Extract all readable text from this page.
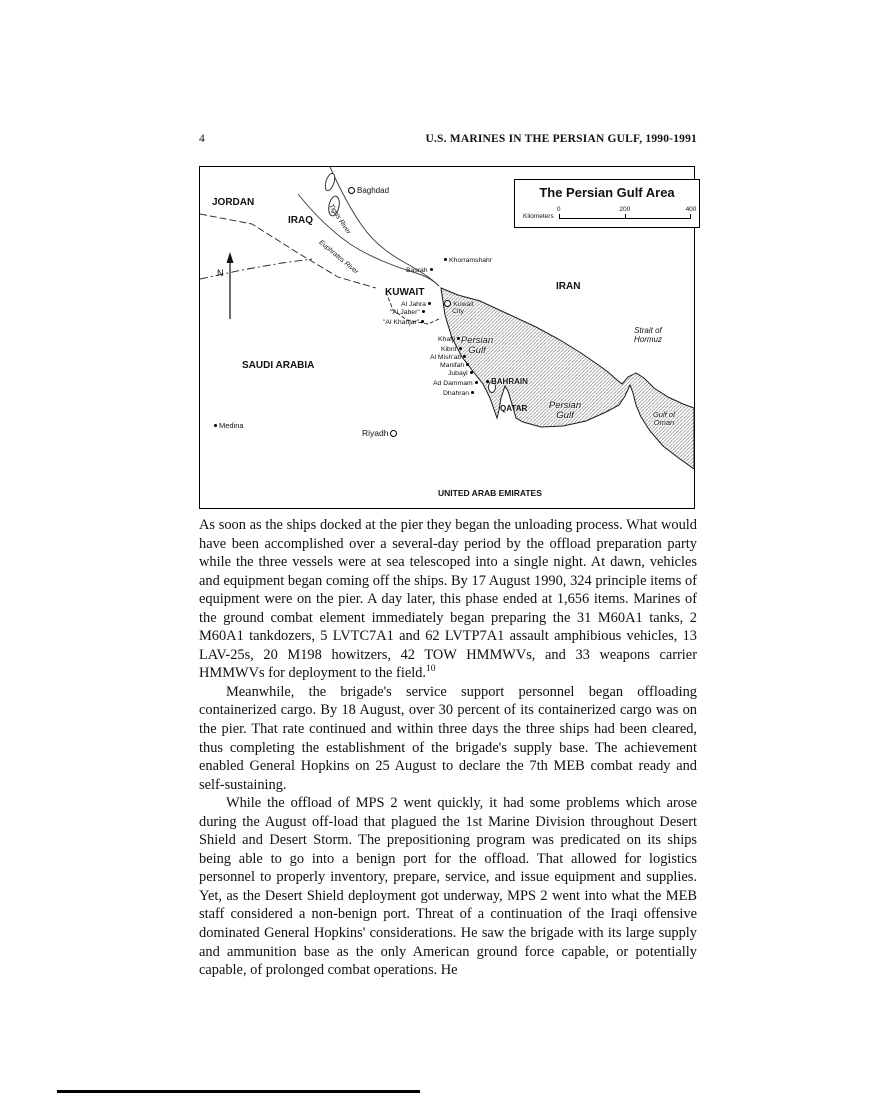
4	U.S. MARINES IN THE PERSIAN GULF, 1990-1991
The Persian Gulf Area
Kilometers
0	200	400
JORDAN
Baghdad
IRAQ Tigris River
Euphrates River	Khorramshahr
Basrah
KUWAIT
IRAN
Al Jahra	Kuwait City
"Al Jaber"
"Al Khanjar"
Khafji
Kibrit
Al Mish'ab
Manifah
Jubayl
Ad Dammam
Dhahran
BAHRAIN
Persian Gulf
QATAR	Persian Gulf
Strait of Hormuz
SAUDI ARABIA
Medina
Riyadh
UNITED ARAB EMIRATES
Gulf of Oman
N

As soon as the ships docked at the pier they began the unloading process. What would have been accomplished over a several-day period by the offload preparation party while the three vessels were at sea telescoped into a single night. At dawn, vehicles and equipment began coming off the ships. By 17 August 1990, 324 principle items of equipment were on the pier. A day later, this phase ended at 1,656 items. Marines of the ground combat element immediately began preparing the 31 M60A1 tanks, 2 M60A1 tankdozers, 5 LVTC7A1 and 62 LVTP7A1 assault amphibious vehicles, 13 LAV-25s, 20 M198 howitzers, 42 TOW HMMWVs, and 33 weapons carrier HMMWVs for deployment to the field.$^{10}$

Meanwhile, the brigade's service support personnel began offloading containerized cargo. By 18 August, over 30 percent of its containerized cargo was on the pier. That rate continued and within three days the three ships had been cleared, thus completing the establishment of the brigade's supply base. The achievement enabled General Hopkins on 25 August to declare the 7th MEB combat ready and self-sustaining.

While the offload of MPS 2 went quickly, it had some problems which arose during the August off-load that plagued the 1st Marine Division throughout Desert Shield and Desert Storm. The prepositioning program was predicated on its ships being able to go into a benign port for the offload. That allowed for logistics personnel to properly inventory, prepare, service, and issue equipment and supplies. Yet, as the Desert Shield deployment got underway, MPS 2 went into what the MEB staff considered a non-benign port. Threat of a continuation of the Iraqi offensive dominated General Hopkins' considerations. He saw the brigade with its large supply and ammunition base as the only American ground force capable, or potentially capable, of prolonged combat operations. He
